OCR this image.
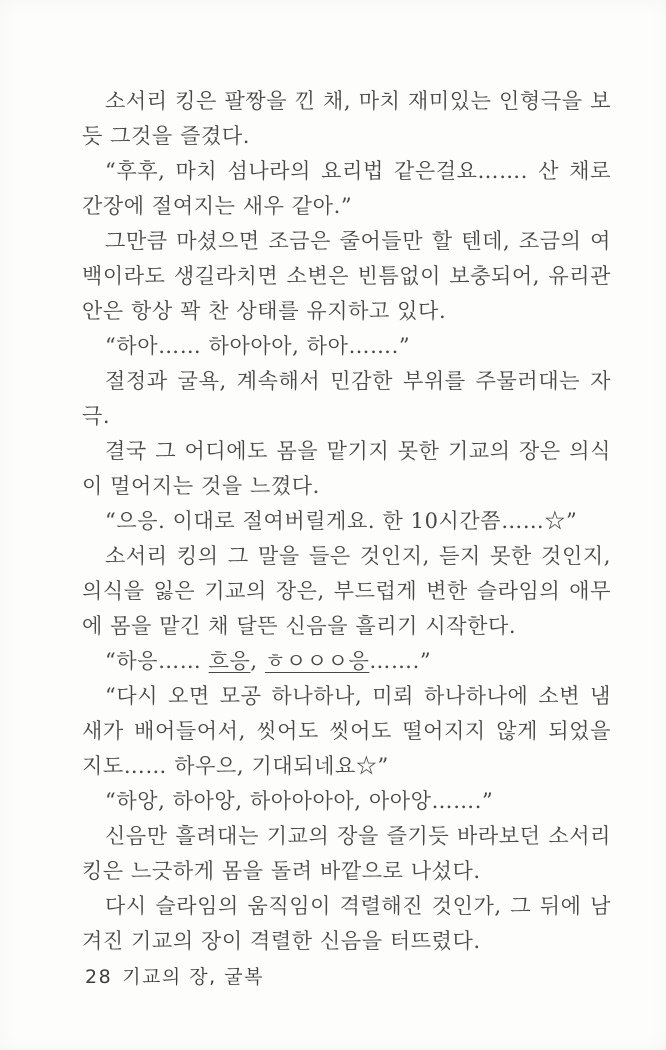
소서리 킹은 팔짱을 낀 채, 마치 재미있는 인형극을 보듯 그것을 즐겼다.

“후후, 마치 섬나라의 요리법 같은걸요……. 산 채로 간장에 절여지는 새우 같아.”

그만큼 마셨으면 조금은 줄어들만 할 텐데, 조금의 여백이라도 생길라치면 소변은 빈틈없이 보충되어, 유리관 안은 항상 꽉 찬 상태를 유지하고 있다.

“하아…… 하아아아, 하아…….”

절정과 굴욕, 계속해서 민감한 부위를 주물러대는 자극.

결국 그 어디에도 몸을 맡기지 못한 기교의 장은 의식이 멀어지는 것을 느꼈다.

“으응. 이대로 절여버릴게요. 한 10시간쯤……☆”

소서리 킹의 그 말을 들은 것인지, 듣지 못한 것인지, 의식을 잃은 기교의 장은, 부드럽게 변한 슬라임의 애무에 몸을 맡긴 채 달뜬 신음을 흘리기 시작한다.

“하응…… 흐응, ㅎㅇㅇㅇ응…….”

“다시 오면 모공 하나하나, 미뢰 하나하나에 소변 냄새가 배어들어서, 씻어도 씻어도 떨어지지 않게 되었을지도…… 하우으, 기대되네요☆”

“하앙, 하아앙, 하아아아아, 아아앙…….”

신음만 흘려대는 기교의 장을 즐기듯 바라보던 소서리 킹은 느긋하게 몸을 돌려 바깥으로 나섰다.

다시 슬라임의 움직임이 격렬해진 것인가, 그 뒤에 남겨진 기교의 장이 격렬한 신음을 터뜨렸다.

28 기교의 장, 굴복
